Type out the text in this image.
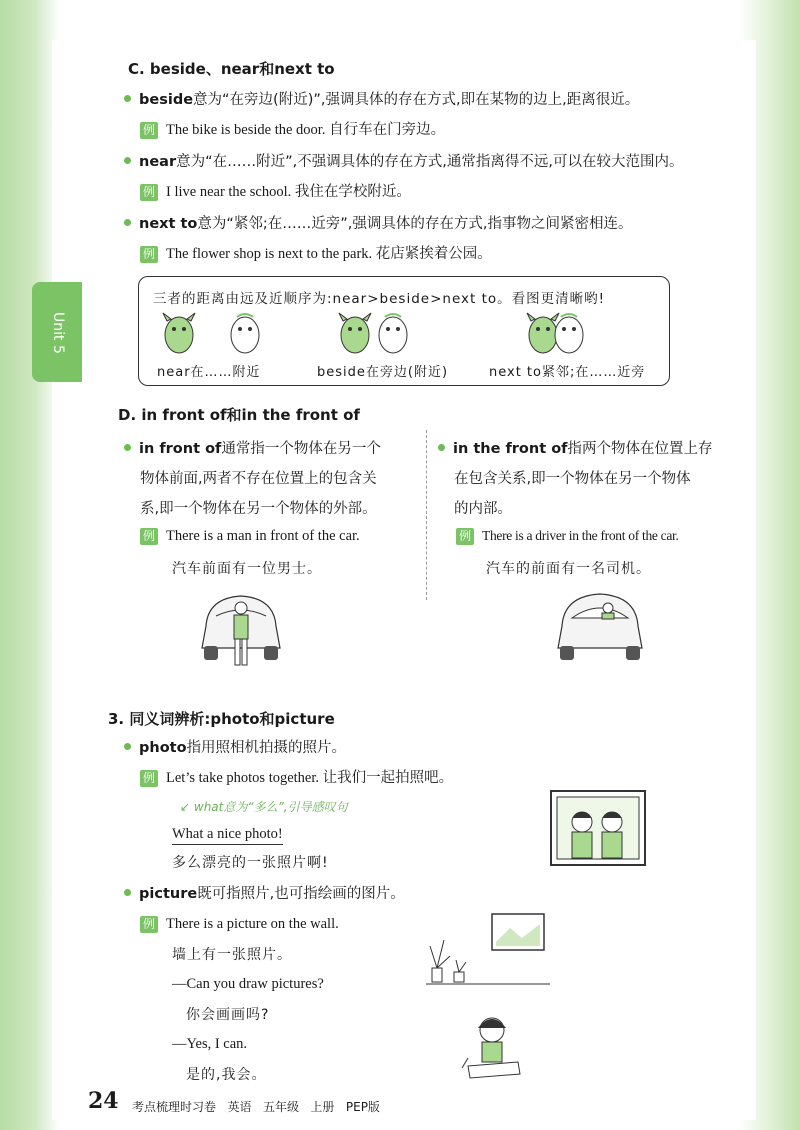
Unit 5
C. beside、near和next to
beside意为“在旁边(附近)”,强调具体的存在方式,即在某物的边上,距离很近。
例 The bike is beside the door. 自行车在门旁边。
near意为“在……附近”,不强调具体的存在方式,通常指离得不远,可以在较大范围内。
例 I live near the school. 我住在学校附近。
next to意为“紧邻;在……近旁”,强调具体的存在方式,指事物之间紧密相连。
例 The flower shop is next to the park. 花店紧挨着公园。
三者的距离由远及近顺序为:near>beside>next to。看图更清晰哟!
near在……附近	beside在旁边(附近)	next to紧邻;在……近旁
D. in front of和in the front of
in front of通常指一个物体在另一个
物体前面,两者不存在位置上的包含关
系,即一个物体在另一个物体的外部。
例 There is a man in front of the car.
汽车前面有一位男士。
in the front of指两个物体在位置上存
在包含关系,即一个物体在另一个物体
的内部。
例 There is a driver in the front of the car.
汽车的前面有一名司机。
3. 同义词辨析:photo和picture
photo指用照相机拍摄的照片。
例 Let’s take photos together. 让我们一起拍照吧。
↙ what意为“多么”,引导感叹句
What a nice photo!
多么漂亮的一张照片啊!
picture既可指照片,也可指绘画的图片。
例 There is a picture on the wall.
墙上有一张照片。
—Can you draw pictures?
你会画画吗?
—Yes, I can.
是的,我会。
24 考点梳理时习卷 英语 五年级 上册 PEP版
